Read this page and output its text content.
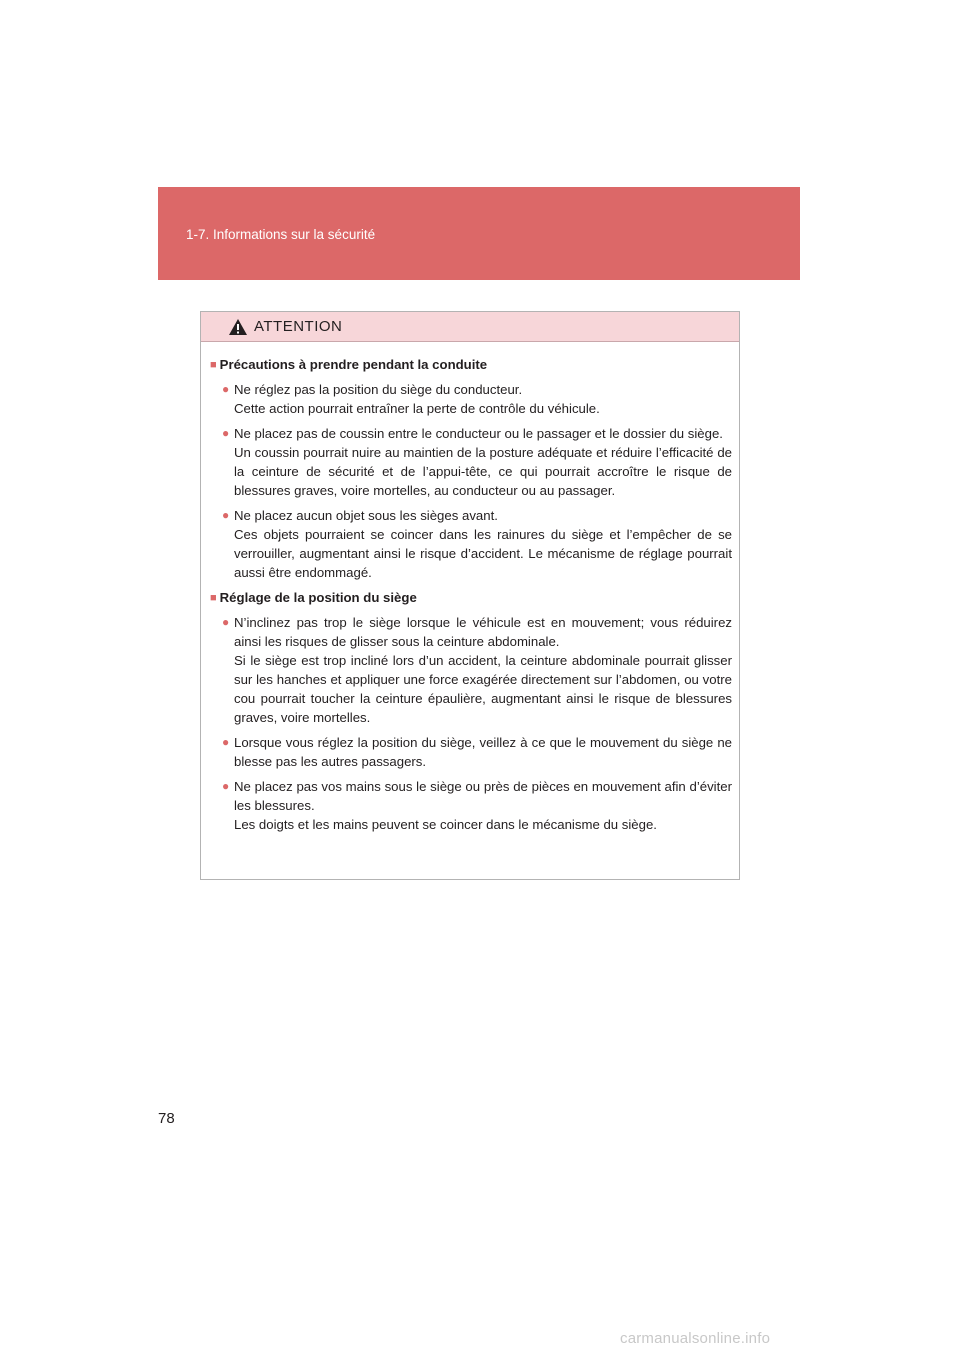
1-7. Informations sur la sécurité
ATTENTION
■ Précautions à prendre pendant la conduite
● Ne réglez pas la position du siège du conducteur.

Cette action pourrait entraîner la perte de contrôle du véhicule.

● Ne placez pas de coussin entre le conducteur ou le passager et le dossier du siège.

Un coussin pourrait nuire au maintien de la posture adéquate et réduire l’efficacité de la ceinture de sécurité et de l’appui-tête, ce qui pourrait accroître le risque de blessures graves, voire mortelles, au conducteur ou au passager.

● Ne placez aucun objet sous les sièges avant.

Ces objets pourraient se coincer dans les rainures du siège et l’empêcher de se verrouiller, augmentant ainsi le risque d’accident. Le mécanisme de réglage pourrait aussi être endommagé.

■ Réglage de la position du siège
● N’inclinez pas trop le siège lorsque le véhicule est en mouvement; vous réduirez ainsi les risques de glisser sous la ceinture abdominale.

Si le siège est trop incliné lors d’un accident, la ceinture abdominale pourrait glisser sur les hanches et appliquer une force exagérée directement sur l’abdomen, ou votre cou pourrait toucher la ceinture épaulière, augmentant ainsi le risque de blessures graves, voire mortelles.

● Lorsque vous réglez la position du siège, veillez à ce que le mouvement du siège ne blesse pas les autres passagers.

● Ne placez pas vos mains sous le siège ou près de pièces en mouvement afin d’éviter les blessures.

Les doigts et les mains peuvent se coincer dans le mécanisme du siège.

78
carmanualsonline.info
